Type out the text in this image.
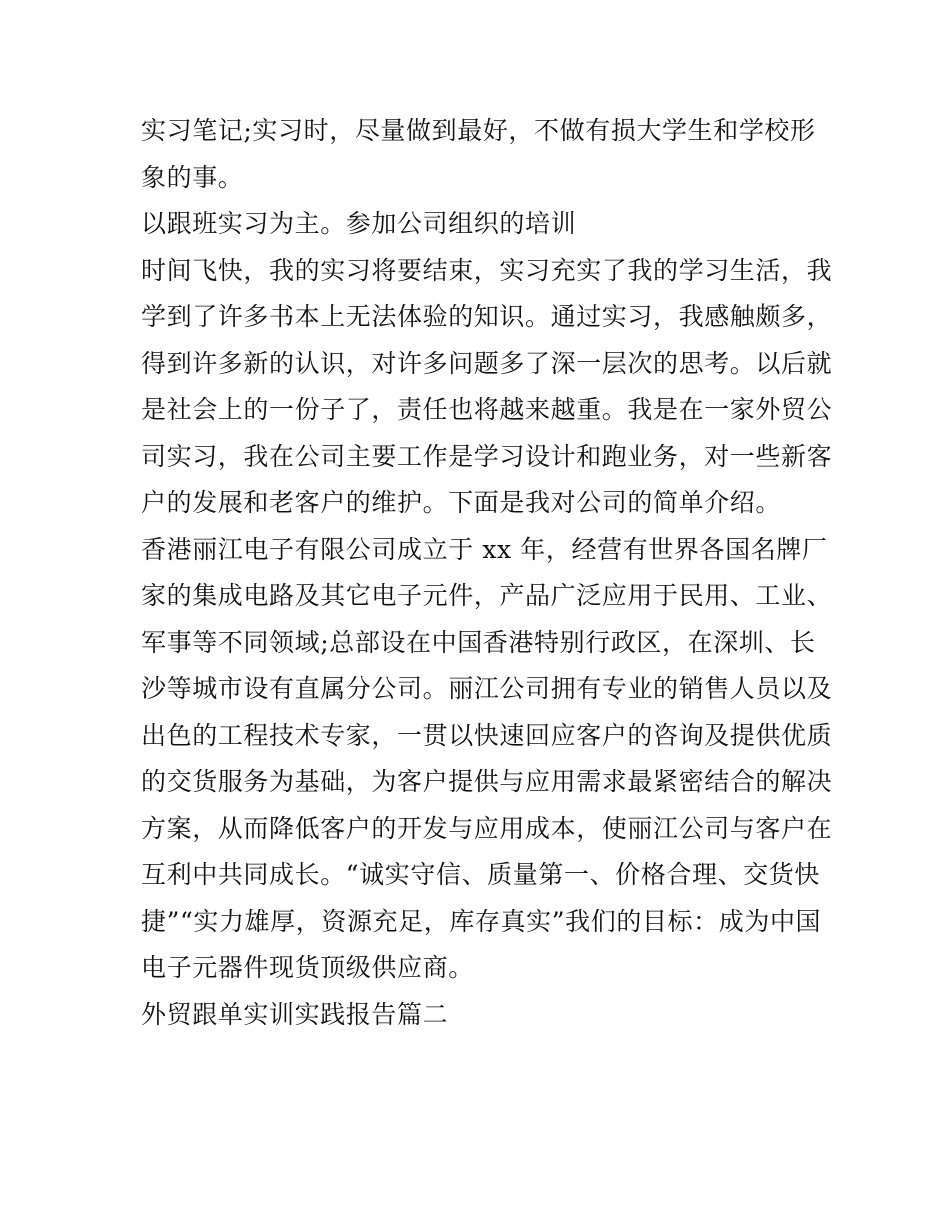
实习笔记;实习时，尽量做到最好，不做有损大学生和学校形
象的事。

以跟班实习为主。参加公司组织的培训

时间飞快，我的实习将要结束，实习充实了我的学习生活，我
学到了许多书本上无法体验的知识。通过实习，我感触颇多，
得到许多新的认识，对许多问题多了深一层次的思考。以后就
是社会上的一份子了，责任也将越来越重。我是在一家外贸公
司实习，我在公司主要工作是学习设计和跑业务，对一些新客
户的发展和老客户的维护。下面是我对公司的简单介绍。

香港丽江电子有限公司成立于 xx 年，经营有世界各国名牌厂
家的集成电路及其它电子元件，产品广泛应用于民用、工业、
军事等不同领域;总部设在中国香港特别行政区，在深圳、长
沙等城市设有直属分公司。丽江公司拥有专业的销售人员以及
出色的工程技术专家，一贯以快速回应客户的咨询及提供优质
的交货服务为基础，为客户提供与应用需求最紧密结合的解决
方案，从而降低客户的开发与应用成本，使丽江公司与客户在
互利中共同成长。“诚实守信、质量第一、价格合理、交货快
捷”“实力雄厚，资源充足，库存真实”我们的目标：成为中国
电子元器件现货顶级供应商。

外贸跟单实训实践报告篇二
